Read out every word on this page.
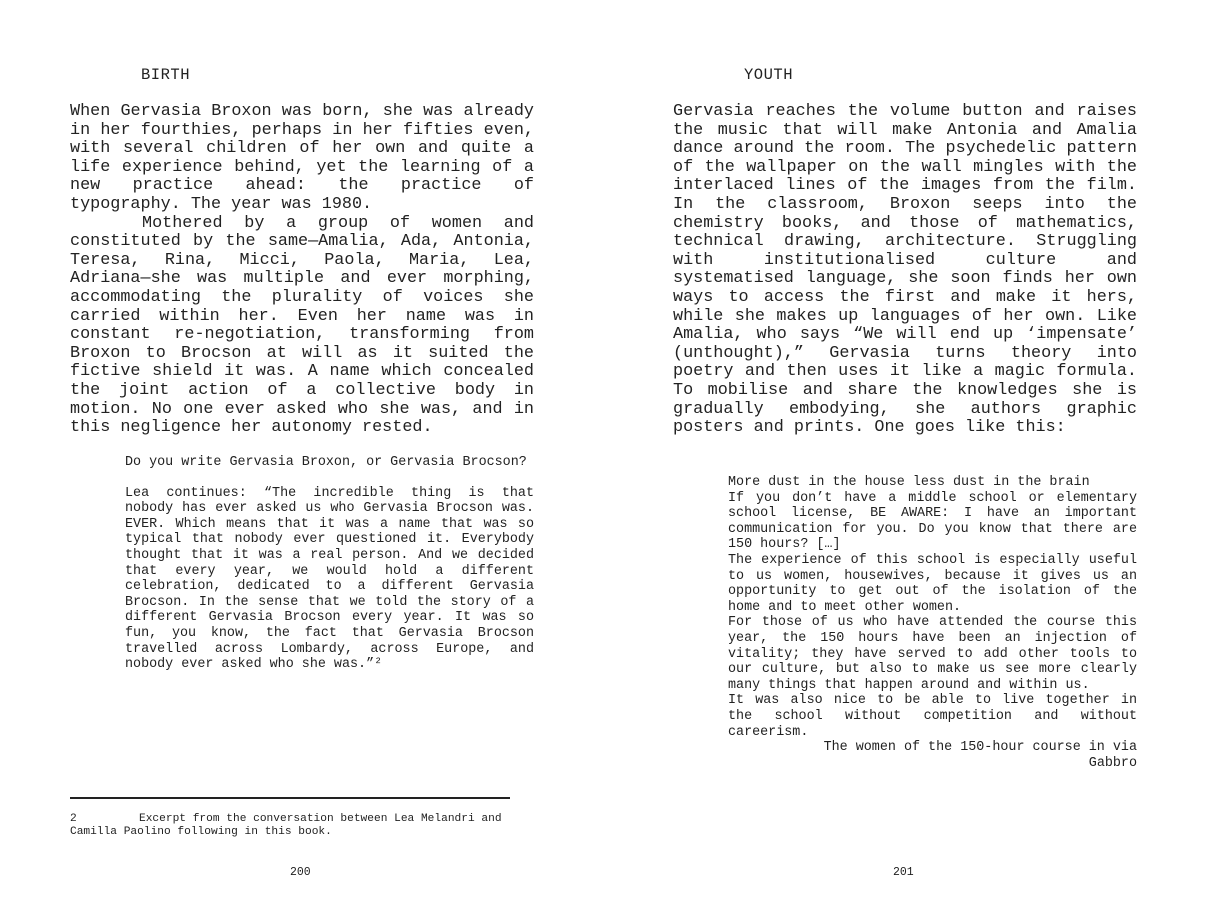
BIRTH

When Gervasia Broxon was born, she was already in her fourthies, perhaps in her fifties even, with several children of her own and quite a life experience behind, yet the learning of a new practice ahead: the practice of typography. The year was 1980.

Mothered by a group of women and constituted by the same—Amalia, Ada, Antonia, Teresa, Rina, Micci, Paola, Maria, Lea, Adriana—she was multiple and ever morphing, accommodating the plurality of voices she carried within her. Even her name was in constant re-negotiation, transforming from Broxon to Brocson at will as it suited the fictive shield it was. A name which concealed the joint action of a collective body in motion. No one ever asked who she was, and in this negligence her autonomy rested.

Do you write Gervasia Broxon, or Gervasia Brocson?

Lea continues: “The incredible thing is that nobody has ever asked us who Gervasia Brocson was. EVER. Which means that it was a name that was so typical that nobody ever questioned it. Everybody thought that it was a real person. And we decided that every year, we would hold a different celebration, dedicated to a different Gervasia Brocson. In the sense that we told the story of a different Gervasia Brocson every year. It was so fun, you know, the fact that Gervasia Brocson travelled across Lombardy, across Europe, and nobody ever asked who she was.”²

2	Excerpt from the conversation between Lea Melandri and Camilla Paolino following in this book.

200
YOUTH

Gervasia reaches the volume button and raises the music that will make Antonia and Amalia dance around the room. The psychedelic pattern of the wallpaper on the wall mingles with the interlaced lines of the images from the film. In the classroom, Broxon seeps into the chemistry books, and those of mathematics, technical drawing, architecture. Struggling with institutionalised culture and systematised language, she soon finds her own ways to access the first and make it hers, while she makes up languages of her own. Like Amalia, who says “We will end up ‘impensate’ (unthought),” Gervasia turns theory into poetry and then uses it like a magic formula. To mobilise and share the knowledges she is gradually embodying, she authors graphic posters and prints. One goes like this:

More dust in the house less dust in the brain

If you don’t have a middle school or elementary school license, BE AWARE: I have an important communication for you. Do you know that there are 150 hours? […]

The experience of this school is especially useful to us women, housewives, because it gives us an opportunity to get out of the isolation of the home and to meet other women.

For those of us who have attended the course this year, the 150 hours have been an injection of vitality; they have served to add other tools to our culture, but also to make us see more clearly many things that happen around and within us.

It was also nice to be able to live together in the school without competition and without careerism.

The women of the 150-hour course in via Gabbro

201
